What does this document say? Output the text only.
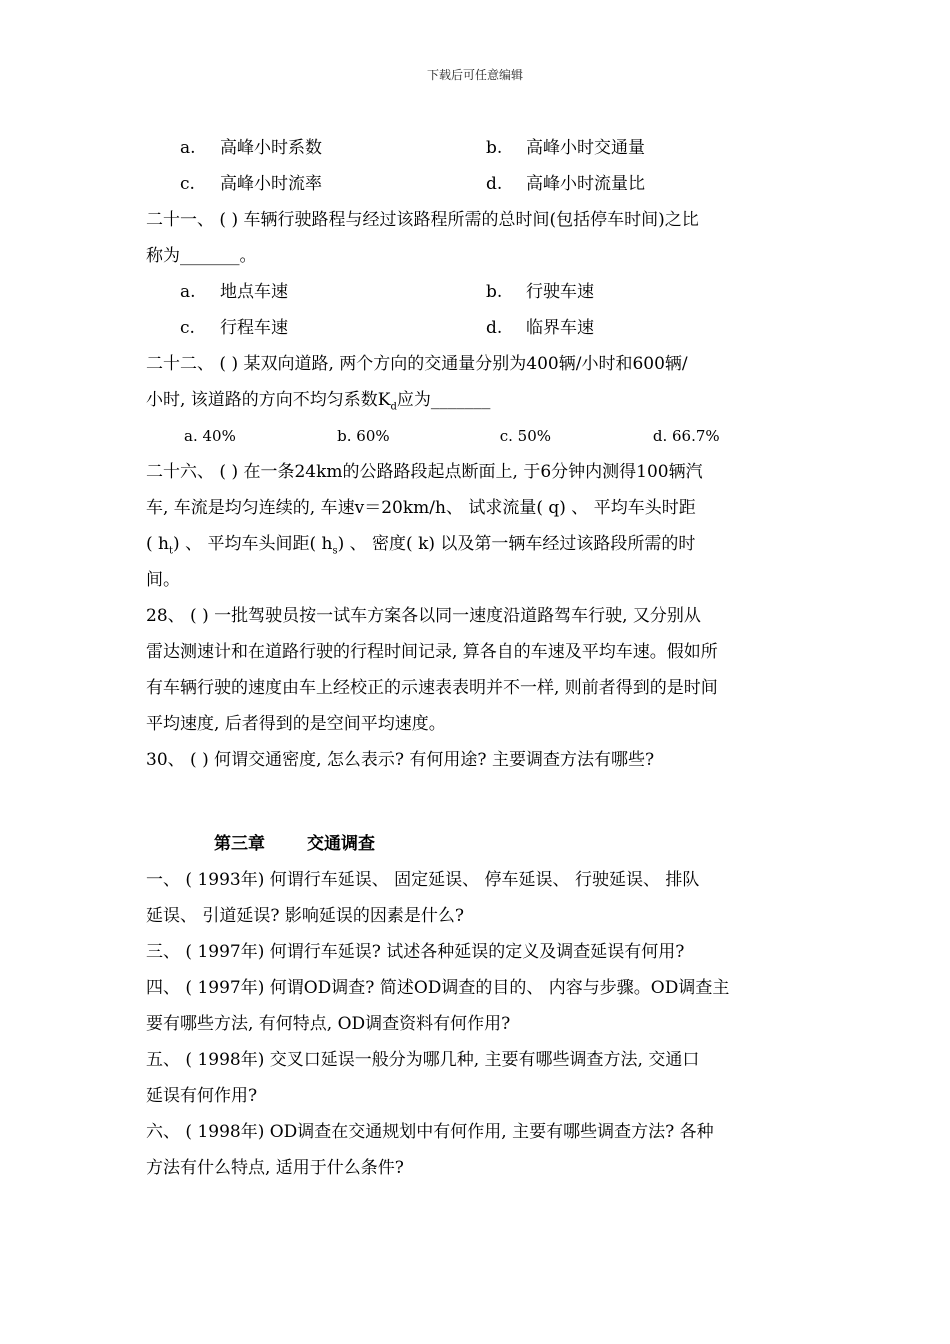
下载后可任意编辑
a.	高峰小时系数	b.	高峰小时交通量
c.	高峰小时流率	d.	高峰小时流量比
二十一、 ( ) 车辆行驶路程与经过该路程所需的总时间(包括停车时间)之比
称为_______。
a.	地点车速	b.	行驶车速
c.	行程车速	d.	临界车速
二十二、 ( ) 某双向道路, 两个方向的交通量分别为400辆/小时和600辆/
小时, 该道路的方向不均匀系数$K_d$应为_______
a. 40%	b. 60%	c. 50%	d. 66.7%
二十六、 ( ) 在一条24km的公路路段起点断面上, 于6分钟内测得100辆汽
车, 车流是均匀连续的, 车速v＝20km/h、 试求流量( q) 、 平均车头时距
( $h_t$) 、 平均车头间距( $h_s$) 、 密度( k) 以及第一辆车经过该路段所需的时
间。
28、 ( ) 一批驾驶员按一试车方案各以同一速度沿道路驾车行驶, 又分别从
雷达测速计和在道路行驶的行程时间记录, 算各自的车速及平均车速。假如所
有车辆行驶的速度由车上经校正的示速表表明并不一样, 则前者得到的是时间
平均速度, 后者得到的是空间平均速度。
30、 ( ) 何谓交通密度, 怎么表示? 有何用途? 主要调查方法有哪些?
第三章 交通调查
一、 ( 1993年) 何谓行车延误、 固定延误、 停车延误、 行驶延误、 排队
延误、 引道延误? 影响延误的因素是什么?
三、 ( 1997年) 何谓行车延误? 试述各种延误的定义及调查延误有何用?
四、 ( 1997年) 何谓OD调查? 简述OD调查的目的、 内容与步骤。OD调查主
要有哪些方法, 有何特点, OD调查资料有何作用?
五、 ( 1998年) 交叉口延误一般分为哪几种, 主要有哪些调查方法, 交通口
延误有何作用?
六、 ( 1998年) OD调查在交通规划中有何作用, 主要有哪些调查方法? 各种
方法有什么特点, 适用于什么条件?
